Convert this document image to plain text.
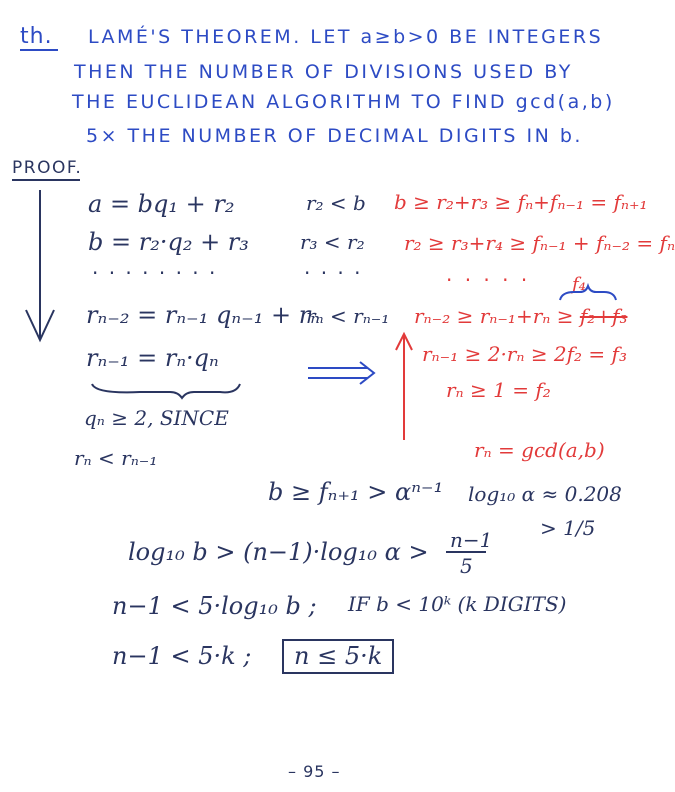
th. LAMÉ'S THEOREM. LET a≥b>0 BE INTEGERS
THEN THE NUMBER OF DIVISIONS USED BY
THE EUCLIDEAN ALGORITHM TO FIND gcd(a,b)
5× THE NUMBER OF DECIMAL DIGITS IN b.
PROOF.
a = bq₁ + r₂
b = r₂·q₂ + r₃
. . . . . . . .
rₙ₋₂ = rₙ₋₁ qₙ₋₁ + rₙ
rₙ₋₁ = rₙ·qₙ
r₂ < b
r₃ < r₂
. . . .
rₙ < rₙ₋₁
qₙ ≥ 2, SINCE
rₙ < rₙ₋₁
b ≥ r₂+r₃ ≥ fₙ+fₙ₋₁ = fₙ₊₁
r₂ ≥ r₃+r₄ ≥ fₙ₋₁ + fₙ₋₂ = fₙ
. . . . . f₄
rₙ₋₂ ≥ rₙ₋₁+rₙ ≥ f₂+f₃
rₙ₋₁ ≥ 2·rₙ ≥ 2f₂ = f₃
rₙ ≥ 1 = f₂
rₙ = gcd(a,b)
b ≥ fₙ₊₁ > αⁿ⁻¹ log₁₀ α ≈ 0.208
> 1/5
log₁₀ b > (n−1)·log₁₀ α > n−1
5
n−1 < 5·log₁₀ b ; IF b < 10ᵏ (k DIGITS)
n−1 < 5·k ;	n ≤ 5·k
– 95 –
